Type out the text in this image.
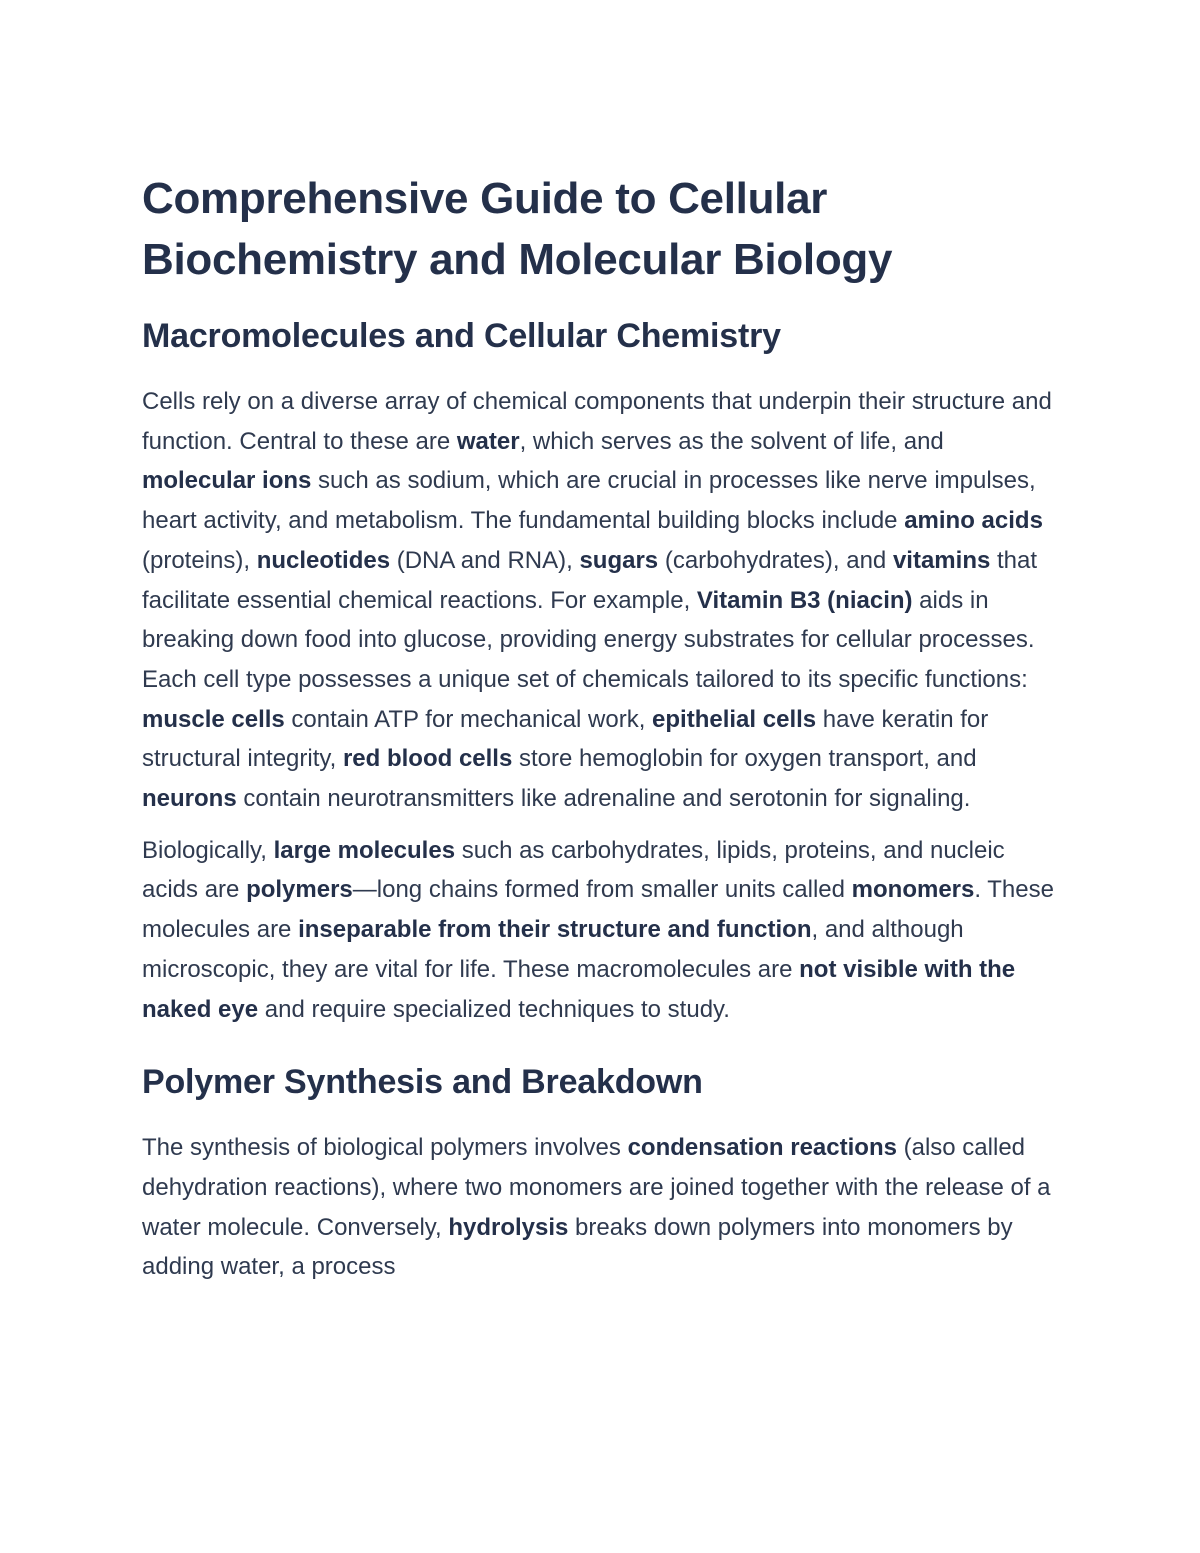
Comprehensive Guide to Cellular Biochemistry and Molecular Biology
Macromolecules and Cellular Chemistry

Cells rely on a diverse array of chemical components that underpin their structure and function. Central to these are water, which serves as the solvent of life, and molecular ions such as sodium, which are crucial in processes like nerve impulses, heart activity, and metabolism. The fundamental building blocks include amino acids (proteins), nucleotides (DNA and RNA), sugars (carbohydrates), and vitamins that facilitate essential chemical reactions. For example, Vitamin B3 (niacin) aids in breaking down food into glucose, providing energy substrates for cellular processes. Each cell type possesses a unique set of chemicals tailored to its specific functions: muscle cells contain ATP for mechanical work, epithelial cells have keratin for structural integrity, red blood cells store hemoglobin for oxygen transport, and neurons contain neurotransmitters like adrenaline and serotonin for signaling.

Biologically, large molecules such as carbohydrates, lipids, proteins, and nucleic acids are polymers—long chains formed from smaller units called monomers. These molecules are inseparable from their structure and function, and although microscopic, they are vital for life. These macromolecules are not visible with the naked eye and require specialized techniques to study.

Polymer Synthesis and Breakdown

The synthesis of biological polymers involves condensation reactions (also called dehydration reactions), where two monomers are joined together with the release of a water molecule. Conversely, hydrolysis breaks down polymers into monomers by adding water, a process
